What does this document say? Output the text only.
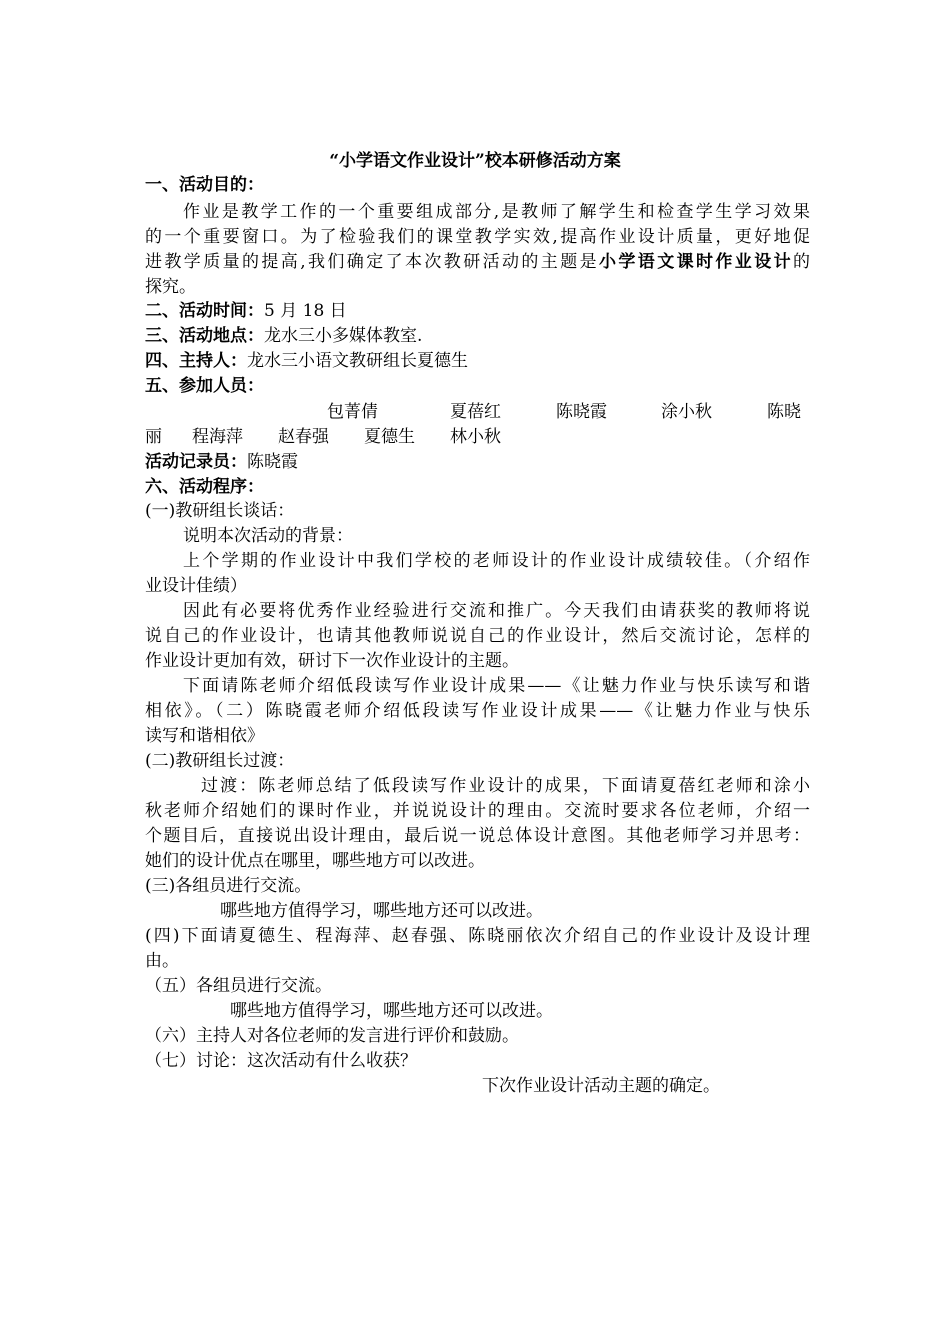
“小学语文作业设计”校本研修活动方案
一、活动目的：
作业是教学工作的一个重要组成部分,是教师了解学生和检查学生学习效果
的一个重要窗口。为了检验我们的课堂教学实效,提高作业设计质量，更好地促
进教学质量的提高,我们确定了本次教研活动的主题是小学语文课时作业设计的
探究。
二、活动时间：5 月 18 日
三、活动地点：龙水三小多媒体教室.
四、主持人：龙水三小语文教研组长夏德生
五、参加人员：
包菁倩	夏蓓红	陈晓霞	涂小秋	陈晓
丽 程海萍 赵春强 夏德生 林小秋
活动记录员：陈晓霞
六、活动程序：
(一)教研组长谈话：
说明本次活动的背景：
上个学期的作业设计中我们学校的老师设计的作业设计成绩较佳。（介绍作
业设计佳绩）
因此有必要将优秀作业经验进行交流和推广。今天我们由请获奖的教师将说
说自己的作业设计，也请其他教师说说自己的作业设计，然后交流讨论，怎样的
作业设计更加有效，研讨下一次作业设计的主题。
下面请陈老师介绍低段读写作业设计成果——《让魅力作业与快乐读写和谐
相依》。（二）陈晓霞老师介绍低段读写作业设计成果——《让魅力作业与快乐
读写和谐相依》
(二)教研组长过渡：
过渡：陈老师总结了低段读写作业设计的成果，下面请夏蓓红老师和涂小
秋老师介绍她们的课时作业，并说说设计的理由。交流时要求各位老师，介绍一
个题目后，直接说出设计理由，最后说一说总体设计意图。其他老师学习并思考：
她们的设计优点在哪里，哪些地方可以改进。
(三)各组员进行交流。
哪些地方值得学习，哪些地方还可以改进。
(四)下面请夏德生、程海萍、赵春强、陈晓丽依次介绍自己的作业设计及设计理
由。
（五）各组员进行交流。
哪些地方值得学习，哪些地方还可以改进。
（六）主持人对各位老师的发言进行评价和鼓励。
（七）讨论：这次活动有什么收获？
下次作业设计活动主题的确定。
